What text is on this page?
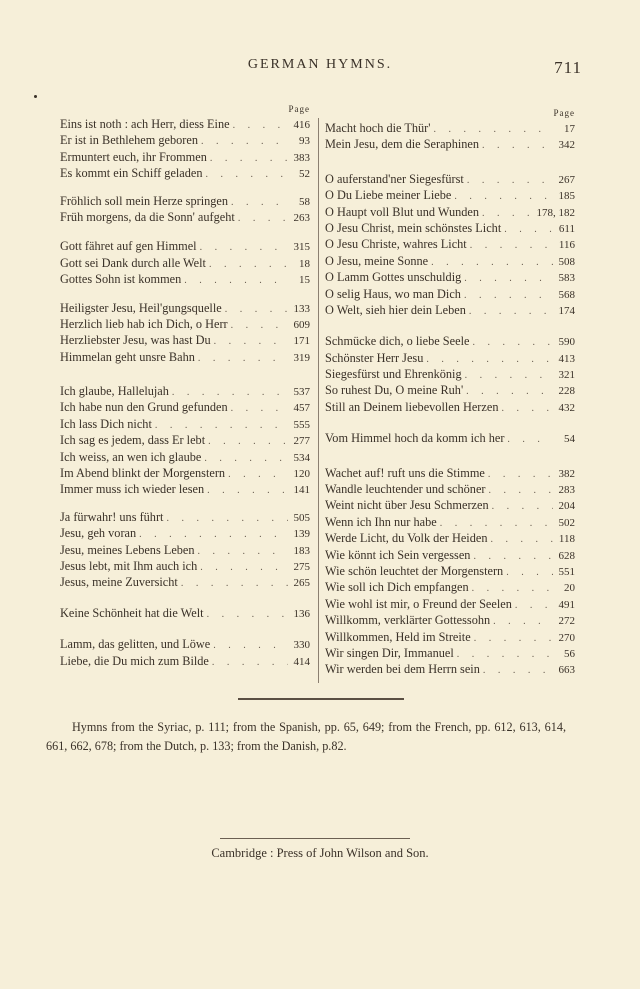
GERMAN HYMNS.	711
Page
Eins ist noth : ach Herr, diess Eine . . .	416
Er ist in Bethlehem geboren . . .	93
Ermuntert euch, ihr Frommen . . .	383
Es kommt ein Schiff geladen . . .	52
Fröhlich soll mein Herze springen . . .	58
Früh morgens, da die Sonn' aufgeht . . .	263
Gott fähret auf gen Himmel . . .	315
Gott sei Dank durch alle Welt . . .	18
Gottes Sohn ist kommen . . .	15
Heiligster Jesu, Heil'gungsquelle . . .	133
Herzlich lieb hab ich Dich, o Herr . . .	609
Herzliebster Jesu, was hast Du . . .	171
Himmelan geht unsre Bahn . . .	319
Ich glaube, Hallelujah . . .	537
Ich habe nun den Grund gefunden . . .	457
Ich lass Dich nicht . . .	555
Ich sag es jedem, dass Er lebt . . .	277
Ich weiss, an wen ich glaube . . .	534
Im Abend blinkt der Morgenstern . . .	120
Immer muss ich wieder lesen . . .	141
Ja fürwahr! uns führt . . .	505
Jesu, geh voran . . .	139
Jesu, meines Lebens Leben . . .	183
Jesus lebt, mit Ihm auch ich . . .	275
Jesus, meine Zuversicht . . .	265
Keine Schönheit hat die Welt . . .	136
Lamm, das gelitten, und Löwe . . .	330
Liebe, die Du mich zum Bilde . . .	414
Page
Macht hoch die Thür' . . .	17
Mein Jesu, dem die Seraphinen . . .	342
O auferstand'ner Siegesfürst . . .	267
O Du Liebe meiner Liebe . . .	185
O Haupt voll Blut und Wunden . . .	178, 182
O Jesu Christ, mein schönstes Licht . . .	611
O Jesu Christe, wahres Licht . . .	116
O Jesu, meine Sonne . . .	508
O Lamm Gottes unschuldig . . .	583
O selig Haus, wo man Dich . . .	568
O Welt, sieh hier dein Leben . . .	174
Schmücke dich, o liebe Seele . . .	590
Schönster Herr Jesu . . .	413
Siegesfürst und Ehrenkönig . . .	321
So ruhest Du, O meine Ruh' . . .	228
Still an Deinem liebevollen Herzen . . .	432
Vom Himmel hoch da komm ich her . . .	54
Wachet auf! ruft uns die Stimme . . .	382
Wandle leuchtender und schöner . . .	283
Weint nicht über Jesu Schmerzen . . .	204
Wenn ich Ihn nur habe . . .	502
Werde Licht, du Volk der Heiden . . .	118
Wie könnt ich Sein vergessen . . .	628
Wie schön leuchtet der Morgenstern . . .	551
Wie soll ich Dich empfangen . . .	20
Wie wohl ist mir, o Freund der Seelen . . .	491
Willkomm, verklärter Gottessohn . . .	272
Willkommen, Held im Streite . . .	270
Wir singen Dir, Immanuel . . .	56
Wir werden bei dem Herrn sein . . .	663
Hymns from the Syriac, p. 111; from the Spanish, pp. 65, 649; from the French, pp. 612, 613, 614, 661, 662, 678; from the Dutch, p. 133; from the Danish, p.82.
Cambridge : Press of John Wilson and Son.
